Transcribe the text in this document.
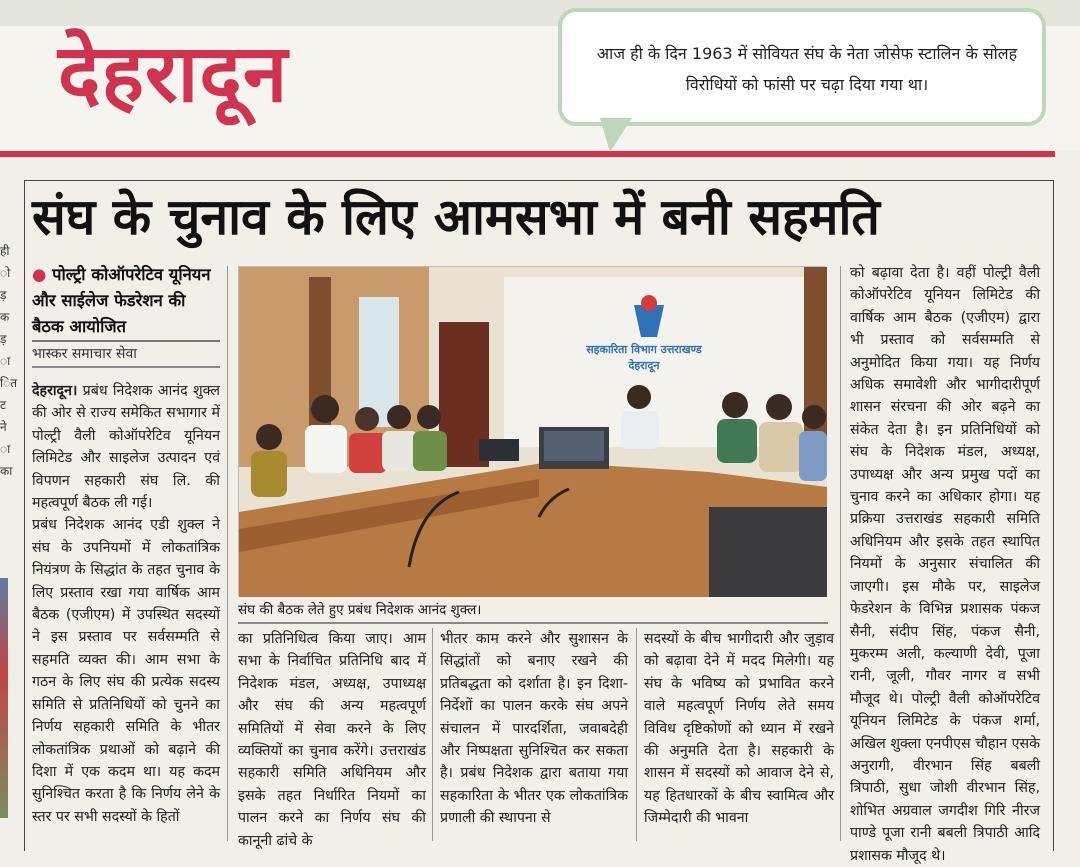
देहरादून	आज ही के दिन 1963 में सोवियत संघ के नेता जोसेफ स्टालिन के सोलह विरोधियों को फांसी पर चढ़ा दिया गया था।
ही ो ड़ क ड़ ा ित ट ने ा का
संघ के चुनाव के लिए आमसभा में बनी सहमति
● पोल्ट्री कोऑपरेटिव यूनियन और साईलेज फेडरेशन की बैठक आयोजित
भास्कर समाचार सेवा

देहरादून। प्रबंध निदेशक आनंद शुक्ल की ओर से राज्य समेकित सभागार में पोल्ट्री वैली कोऑपरेटिव यूनियन लिमिटेड और साइलेज उत्पादन एवं विपणन सहकारी संघ लि. की महत्वपूर्ण बैठक ली गई।

प्रबंध निदेशक आनंद एडी शुक्ल ने संघ के उपनियमों में लोकतांत्रिक नियंत्रण के सिद्धांत के तहत चुनाव के लिए प्रस्ताव रखा गया वार्षिक आम बैठक (एजीएम) में उपस्थित सदस्यों ने इस प्रस्ताव पर सर्वसम्मति से सहमति व्यक्त की। आम सभा के गठन के लिए संघ की प्रत्येक सदस्य समिति से प्रतिनिधियों को चुनने का निर्णय सहकारी समिति के भीतर लोकतांत्रिक प्रथाओं को बढ़ाने की दिशा में एक कदम था। यह कदम सुनिश्चित करता है कि निर्णय लेने के स्तर पर सभी सदस्यों के हितों

सहकारिता विभाग उत्तराखण्ड
देहरादून
संघ की बैठक लेते हुए प्रबंध निदेशक आनंद शुक्ल।

का प्रतिनिधित्व किया जाए। आम सभा के निर्वाचित प्रतिनिधि बाद में निदेशक मंडल, अध्यक्ष, उपाध्यक्ष और संघ की अन्य महत्वपूर्ण समितियों में सेवा करने के लिए व्यक्तियों का चुनाव करेंगे। उत्तराखंड सहकारी समिति अधिनियम और इसके तहत निर्धारित नियमों का पालन करने का निर्णय संघ की कानूनी ढांचे के

भीतर काम करने और सुशासन के सिद्धांतों को बनाए रखने की प्रतिबद्धता को दर्शाता है। इन दिशा-निर्देशों का पालन करके संघ अपने संचालन में पारदर्शिता, जवाबदेही और निष्पक्षता सुनिश्चित कर सकता है। प्रबंध निदेशक द्वारा बताया गया सहकारिता के भीतर एक लोकतांत्रिक प्रणाली की स्थापना से

सदस्यों के बीच भागीदारी और जुड़ाव को बढ़ावा देने में मदद मिलेगी। यह संघ के भविष्य को प्रभावित करने वाले महत्वपूर्ण निर्णय लेते समय विविध दृष्टिकोणों को ध्यान में रखने की अनुमति देता है। सहकारी के शासन में सदस्यों को आवाज देने से, यह हितधारकों के बीच स्वामित्व और जिम्मेदारी की भावना

को बढ़ावा देता है। वहीं पोल्ट्री वैली कोऑपरेटिव यूनियन लिमिटेड की वार्षिक आम बैठक (एजीएम) द्वारा भी प्रस्ताव को सर्वसम्मति से अनुमोदित किया गया। यह निर्णय अधिक समावेशी और भागीदारीपूर्ण शासन संरचना की ओर बढ़ने का संकेत देता है। इन प्रतिनिधियों को संघ के निदेशक मंडल, अध्यक्ष, उपाध्यक्ष और अन्य प्रमुख पदों का चुनाव करने का अधिकार होगा। यह प्रक्रिया उत्तराखंड सहकारी समिति अधिनियम और इसके तहत स्थापित नियमों के अनुसार संचालित की जाएगी। इस मौके पर, साइलेज फेडरेशन के विभिन्न प्रशासक पंकज सैनी, संदीप सिंह, पंकज सैनी, मुकरम्म अली, कल्याणी देवी, पूजा रानी, जूली, गौवर नागर व सभी मौजूद थे। पोल्ट्री वैली कोऑपरेटिव यूनियन लिमिटेड के पंकज शर्मा, अखिल शुक्ला एनपीएस चौहान एसके अनुरागी, वीरभान सिंह बबली त्रिपाठी, सुधा जोशी वीरभान सिंह, शोभित अग्रवाल जगदीश गिरि नीरज पाण्डे पूजा रानी बबली त्रिपाठी आदि प्रशासक मौजूद थे।
